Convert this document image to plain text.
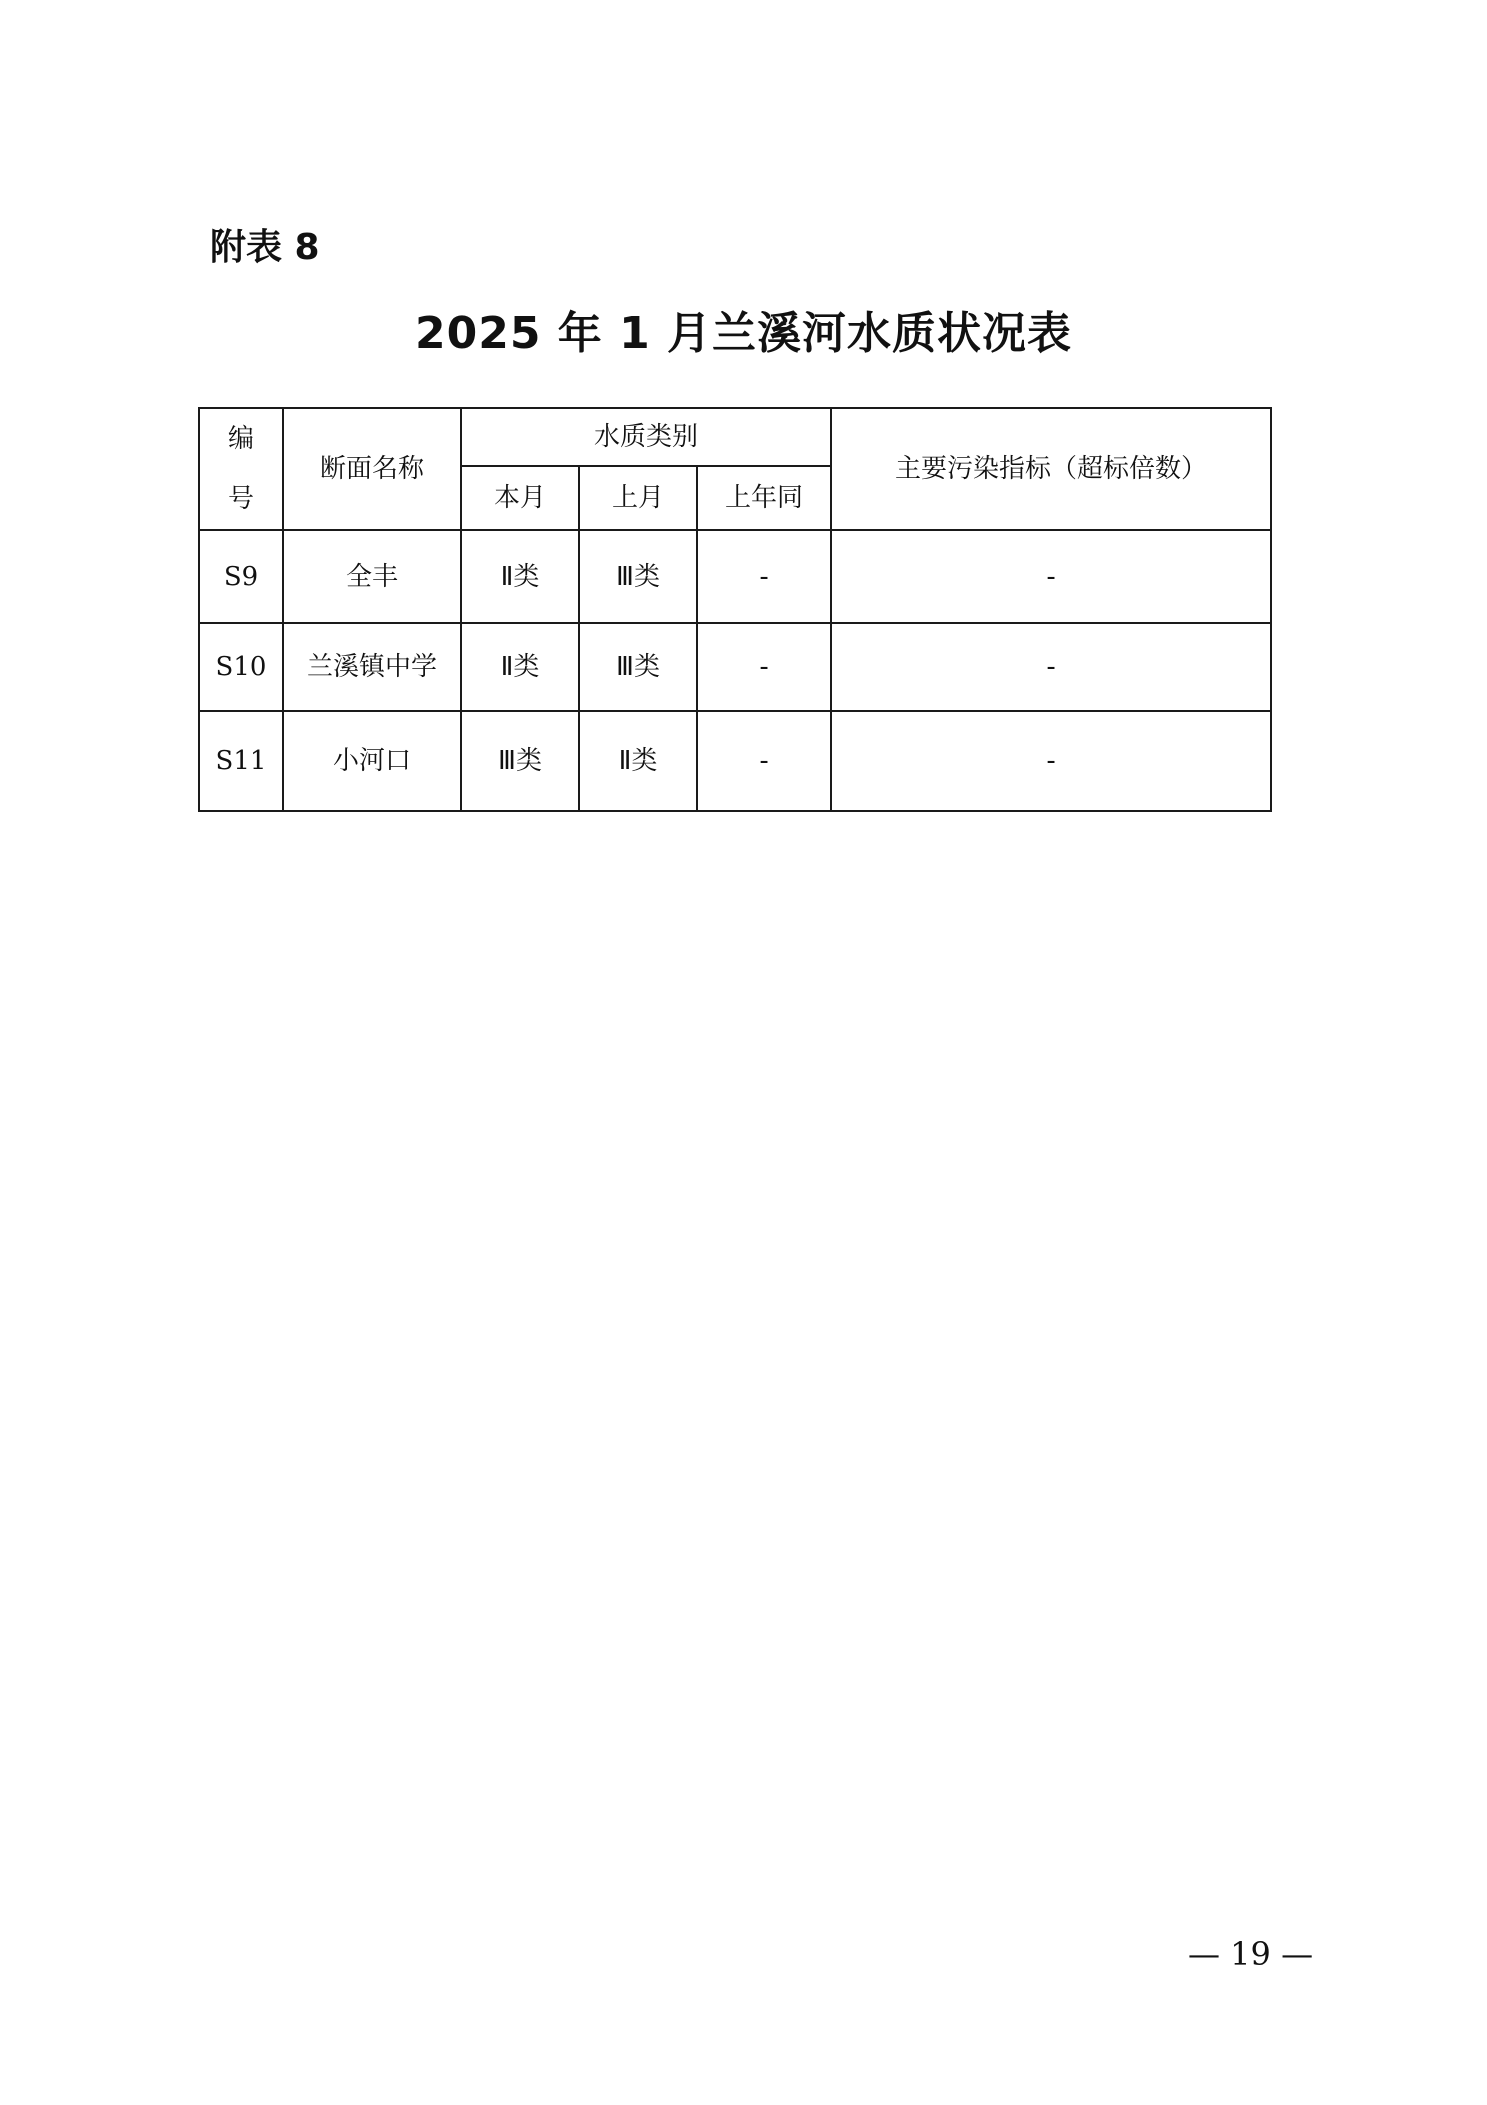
附表 8
2025 年 1 月兰溪河水质状况表
编
号	断面名称	水质类别			主要污染指标（超标倍数）
		本月	上月	上年同	
S9	全丰	Ⅱ类	Ⅲ类	-	-
S10	兰溪镇中学	Ⅱ类	Ⅲ类	-	-
S11	小河口	Ⅲ类	Ⅱ类	-	-
— 19 —
